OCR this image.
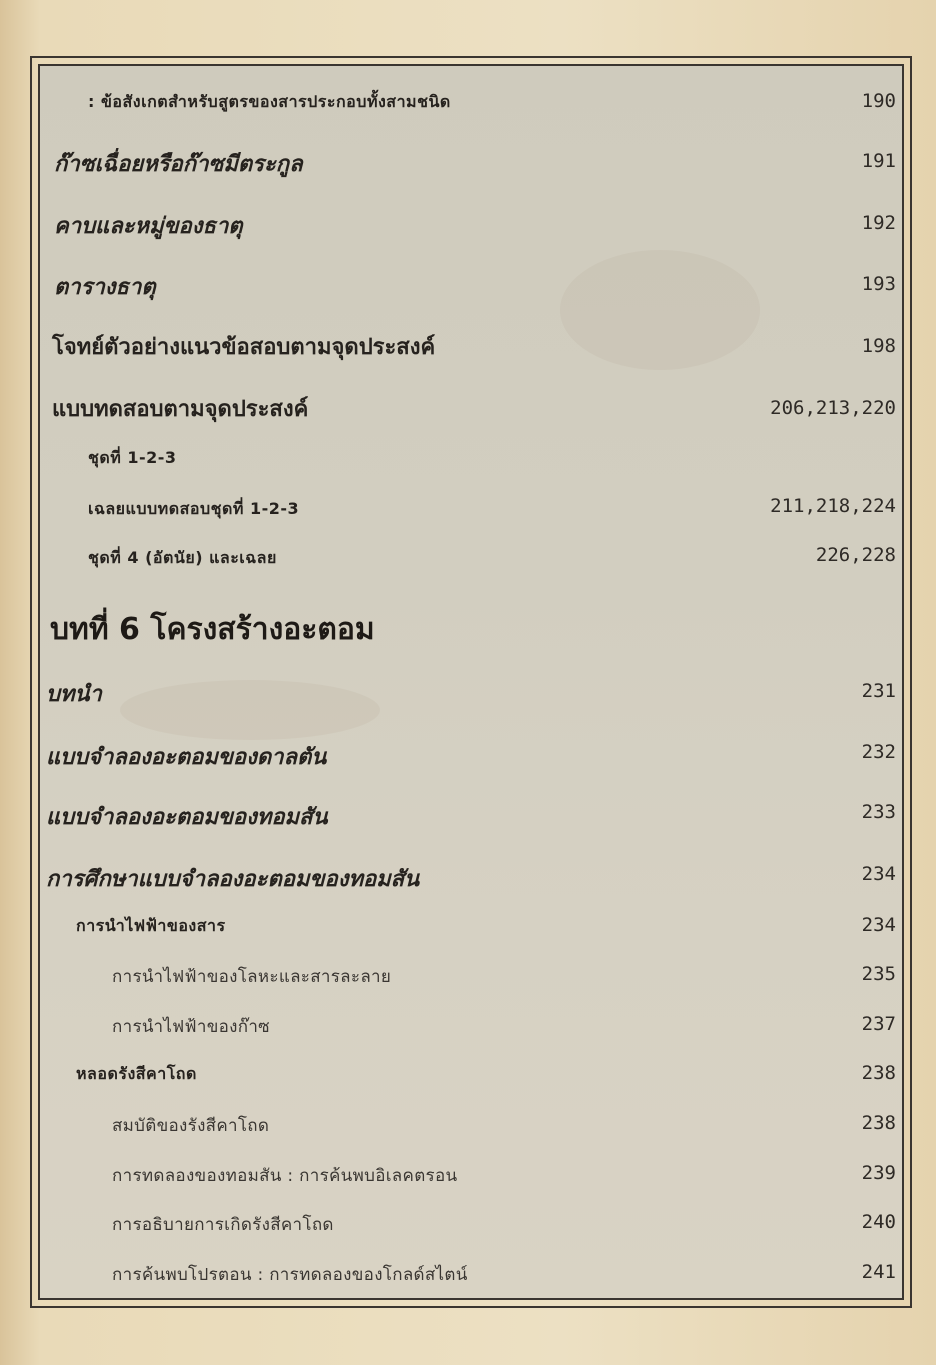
: ข้อสังเกตสำหรับสูตรของสารประกอบทั้งสามชนิด	190
ก๊าซเฉื่อยหรือก๊าซมีตระกูล	191
คาบและหมู่ของธาตุ	192
ตารางธาตุ	193
โจทย์ตัวอย่างแนวข้อสอบตามจุดประสงค์	198
แบบทดสอบตามจุดประสงค์	206,213,220
ชุดที่ 1-2-3
เฉลยแบบทดสอบชุดที่ 1-2-3	211,218,224
ชุดที่ 4 (อัตนัย) และเฉลย	226,228
บทที่ 6 โครงสร้างอะตอม
บทนำ	231
แบบจำลองอะตอมของดาลตัน	232
แบบจำลองอะตอมของทอมสัน	233
การศึกษาแบบจำลองอะตอมของทอมสัน	234
การนำไฟฟ้าของสาร	234
การนำไฟฟ้าของโลหะและสารละลาย	235
การนำไฟฟ้าของก๊าซ	237
หลอดรังสีคาโถด	238
สมบัติของรังสีคาโถด	238
การทดลองของทอมสัน : การค้นพบอิเลคตรอน	239
การอธิบายการเกิดรังสีคาโถด	240
การค้นพบโปรตอน : การทดลองของโกลด์สไตน์	241
